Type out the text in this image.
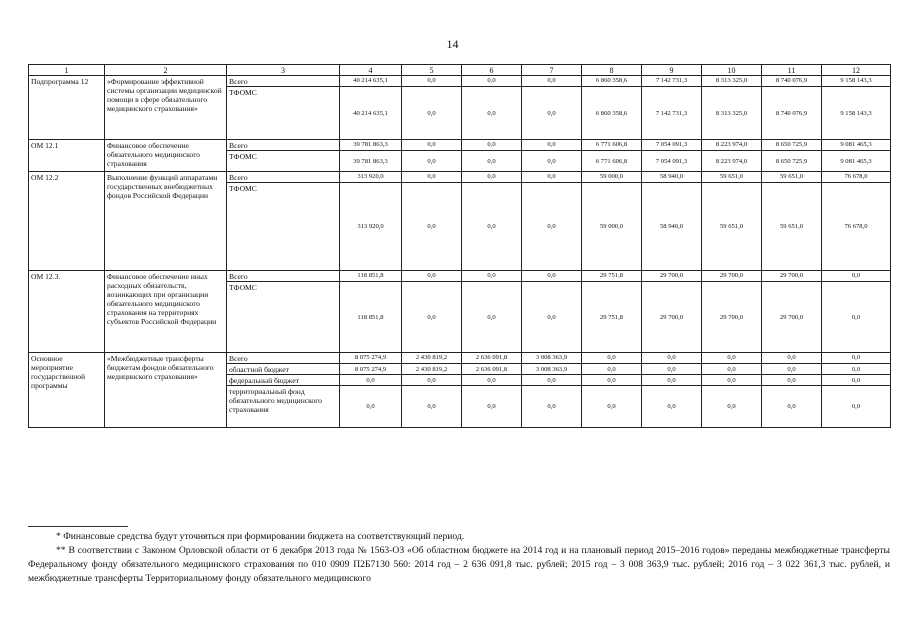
14
1	2	3	4	5	6	7	8	9	10	11	12
Подпрограмма 12	«Формирование эффективной системы организации медицинской помощи в сфере обязательного медицинского страхования»	Всего	40 214 635,1	0,0	0,0	0,0	6 860 358,6	7 142 731,3	8 313 325,0	8 740 076,9	9 158 143,3
		ТФОМС	40 214 635,1	0,0	0,0	0,0	6 860 358,6	7 142 731,3	8 313 325,0	8 740 076,9	9 158 143,3
ОМ 12.1	Финансовое обеспечение обязательного медицинского страхования	Всего	39 781 863,3	0,0	0,0	0,0	6 771 606,8	7 054 091,3	8 223 974,0	8 650 725,9	9 081 465,3
		ТФОМС	39 781 863,3	0,0	0,0	0,0	6 771 606,8	7 054 091,3	8 223 974,0	8 650 725,9	9 081 465,3
ОМ 12.2	Выполнение функций аппаратами государственных внебюджетных фондов Российской Федерации	Всего	313 920,0	0,0	0,0	0,0	59 000,0	58 940,0	59 651,0	59 651,0	76 678,0
		ТФОМС	313 920,0	0,0	0,0	0,0	59 000,0	58 940,0	59 651,0	59 651,0	76 678,0
ОМ 12.3.	Финансовое обеспечение иных расходных обязательств, возникающих при организации обязательного медицинского страхования на территориях субъектов Российской Федерации	Всего	118 851,8	0,0	0,0	0,0	29 751,8	29 700,0	29 700,0	29 700,0	0,0
		ТФОМС	118 851,8	0,0	0,0	0,0	29 751,8	29 700,0	29 700,0	29 700,0	0,0
Основное мероприятие государственной программы	«Межбюджетные трансферты бюджетам фондов обязательного медицинского страхования»	Всего	8 075 274,9	2 430 819,2	2 636 091,8	3 008 363,9	0,0	0,0	0,0	0,0	0,0
		областной бюджет	8 075 274,9	2 430 819,2	2 636 091,8	3 008 363,9	0,0	0,0	0,0	0,0	0,0
		федеральный бюджет	0,0	0,0	0,0	0,0	0,0	0,0	0,0	0,0	0,0
		территориальный фонд обязательного медицинского страхования	0,0	0,0	0,0	0,0	0,0	0,0	0,0	0,0	0,0
* Финансовые средства будут уточняться при формировании бюджета на соответствующий период.
** В соответствии с Законом Орловской области от 6 декабря 2013 года № 1563-ОЗ «Об областном бюджете на 2014 год и на плановый период 2015–2016 годов» переданы межбюджетные трансферты Федеральному фонду обязательного медицинского страхования по 010 0909 П2Б7130 560: 2014 год – 2 636 091,8 тыс. рублей; 2015 год – 3 008 363,9 тыс. рублей; 2016 год – 3 022 361,3 тыс. рублей, и межбюджетные трансферты Территориальному фонду обязательного медицинского
